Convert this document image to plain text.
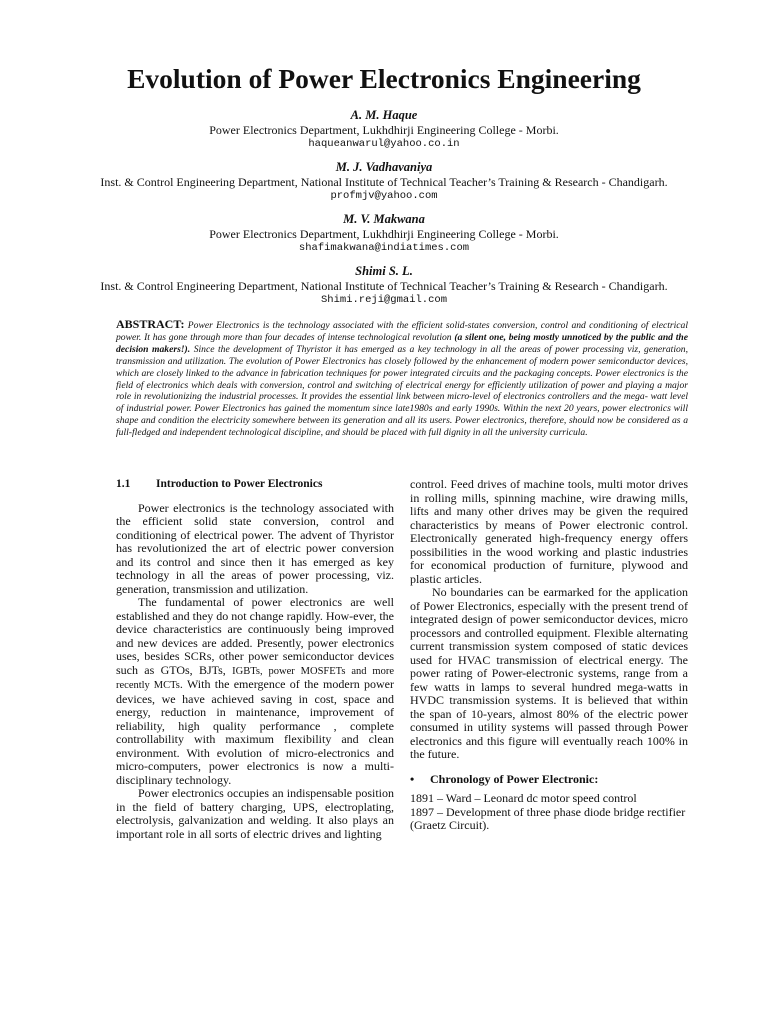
Evolution of Power Electronics Engineering
A. M. Haque
Power Electronics Department, Lukhdhirji Engineering College - Morbi.
haqueanwarul@yahoo.co.in
M. J. Vadhavaniya
Inst. & Control Engineering Department, National Institute of Technical Teacher’s Training & Research - Chandigarh.
profmjv@yahoo.com
M. V. Makwana
Power Electronics Department, Lukhdhirji Engineering College - Morbi.
shafimakwana@indiatimes.com
Shimi S. L.
Inst. & Control Engineering Department, National Institute of Technical Teacher’s Training & Research - Chandigarh.
Shimi.reji@gmail.com
ABSTRACT: Power Electronics is the technology associated with the efficient solid-states conversion, control and conditioning of electrical power. It has gone through more than four decades of intense technological revolution (a silent one, being mostly unnoticed by the public and the decision makers!). Since the development of Thyristor it has emerged as a key technology in all the areas of power processing viz, generation, transmission and utilization. The evolution of Power Electronics has closely followed by the enhancement of modern power semiconductor devices, which are closely linked to the advance in fabrication techniques for power integrated circuits and the packaging concepts. Power electronics is the field of electronics which deals with conversion, control and switching of electrical energy for efficiently utilization of power and playing a major role in revolutionizing the industrial processes. It provides the essential link between micro-level of electronics controllers and the mega- watt level of industrial power. Power Electronics has gained the momentum since late1980s and early 1990s. Within the next 20 years, power electronics will shape and condition the electricity somewhere between its generation and all its users. Power electronics, therefore, should now be considered as a full-fledged and independent technological discipline, and should be placed with full dignity in all the university curricula.
1.1	Introduction to Power Electronics

Power electronics is the technology associated with the efficient solid state conversion, control and conditioning of electrical power. The advent of Thyristor has revolutionized the art of electric power conversion and its control and since then it has emerged as key technology in all the areas of power processing, viz. generation, transmission and utilization.

The fundamental of power electronics are well established and they do not change rapidly. How-ever, the device characteristics are continuously being improved and new devices are added. Presently, power electronics uses, besides SCRs, other power semiconductor devices such as GTOs, BJTs, IGBTs, power MOSFETs and more recently MCTs. With the emergence of the modern power devices, we have achieved saving in cost, space and energy, reduction in maintenance, improvement of reliability, high quality performance , complete controllability with maximum flexibility and clean environment. With evolution of micro-electronics and micro-computers, power electronics is now a multi-disciplinary technology.

Power electronics occupies an indispensable position in the field of battery charging, UPS, electroplating, electrolysis, galvanization and welding. It also plays an important role in all sorts of electric drives and lighting

control. Feed drives of machine tools, multi motor drives in rolling mills, spinning machine, wire drawing mills, lifts and many other drives may be given the required characteristics by means of Power electronic control. Electronically generated high-frequency energy offers possibilities in the wood working and plastic industries for economical production of furniture, plywood and plastic articles.

No boundaries can be earmarked for the application of Power Electronics, especially with the present trend of integrated design of power semiconductor devices, micro processors and controlled equipment. Flexible alternating current transmission system composed of static devices used for HVAC transmission of electrical energy. The power rating of Power-electronic systems, range from a few watts in lamps to several hundred mega-watts in HVDC transmission systems. It is believed that within the span of 10-years, almost 80% of the electric power consumed in utility systems will passed through Power electronics and this figure will eventually reach 100% in the future.

•	Chronology of Power Electronic:

1891 – Ward – Leonard dc motor speed control

1897 – Development of three phase diode bridge rectifier (Graetz Circuit).
